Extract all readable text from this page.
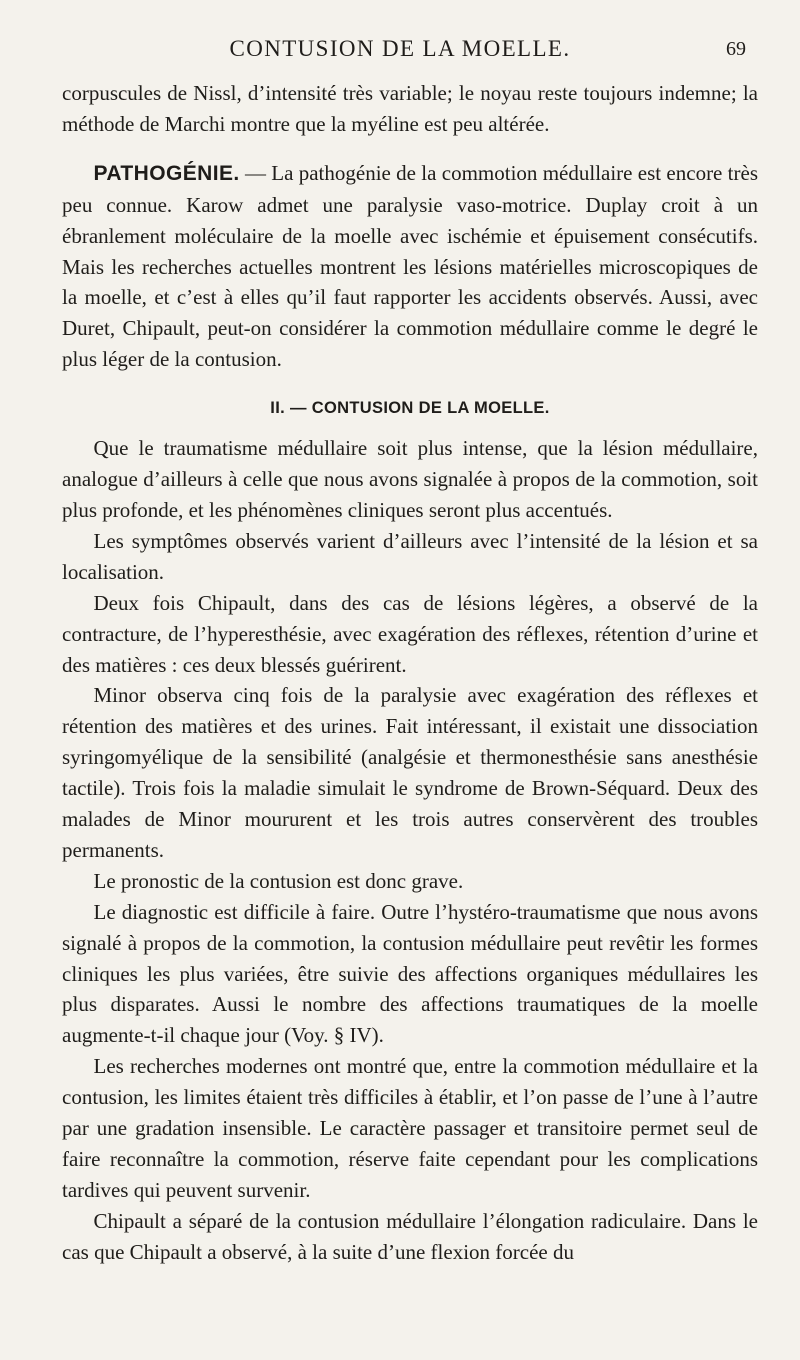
CONTUSION DE LA MOELLE.	69

corpuscules de Nissl, d’intensité très variable; le noyau reste toujours indemne; la méthode de Marchi montre que la myéline est peu altérée.

PATHOGÉNIE. — La pathogénie de la commotion médullaire est encore très peu connue. Karow admet une paralysie vaso-motrice. Duplay croit à un ébranlement moléculaire de la moelle avec ischémie et épuisement consécutifs. Mais les recherches actuelles montrent les lésions matérielles microscopiques de la moelle, et c’est à elles qu’il faut rapporter les accidents observés. Aussi, avec Duret, Chipault, peut-on considérer la commotion médullaire comme le degré le plus léger de la contusion.

II. — CONTUSION DE LA MOELLE.

Que le traumatisme médullaire soit plus intense, que la lésion médullaire, analogue d’ailleurs à celle que nous avons signalée à propos de la commotion, soit plus profonde, et les phénomènes cliniques seront plus accentués.

Les symptômes observés varient d’ailleurs avec l’intensité de la lésion et sa localisation.

Deux fois Chipault, dans des cas de lésions légères, a observé de la contracture, de l’hyperesthésie, avec exagération des réflexes, rétention d’urine et des matières : ces deux blessés guérirent.

Minor observa cinq fois de la paralysie avec exagération des réflexes et rétention des matières et des urines. Fait intéressant, il existait une dissociation syringomyélique de la sensibilité (analgésie et thermonesthésie sans anesthésie tactile). Trois fois la maladie simulait le syndrome de Brown-Séquard. Deux des malades de Minor moururent et les trois autres conservèrent des troubles permanents.

Le pronostic de la contusion est donc grave.

Le diagnostic est difficile à faire. Outre l’hystéro-traumatisme que nous avons signalé à propos de la commotion, la contusion médullaire peut revêtir les formes cliniques les plus variées, être suivie des affections organiques médullaires les plus disparates. Aussi le nombre des affections traumatiques de la moelle augmente-t-il chaque jour (Voy. § IV).

Les recherches modernes ont montré que, entre la commotion médullaire et la contusion, les limites étaient très difficiles à établir, et l’on passe de l’une à l’autre par une gradation insensible. Le caractère passager et transitoire permet seul de faire reconnaître la commotion, réserve faite cependant pour les complications tardives qui peuvent survenir.

Chipault a séparé de la contusion médullaire l’élongation radiculaire. Dans le cas que Chipault a observé, à la suite d’une flexion forcée du
